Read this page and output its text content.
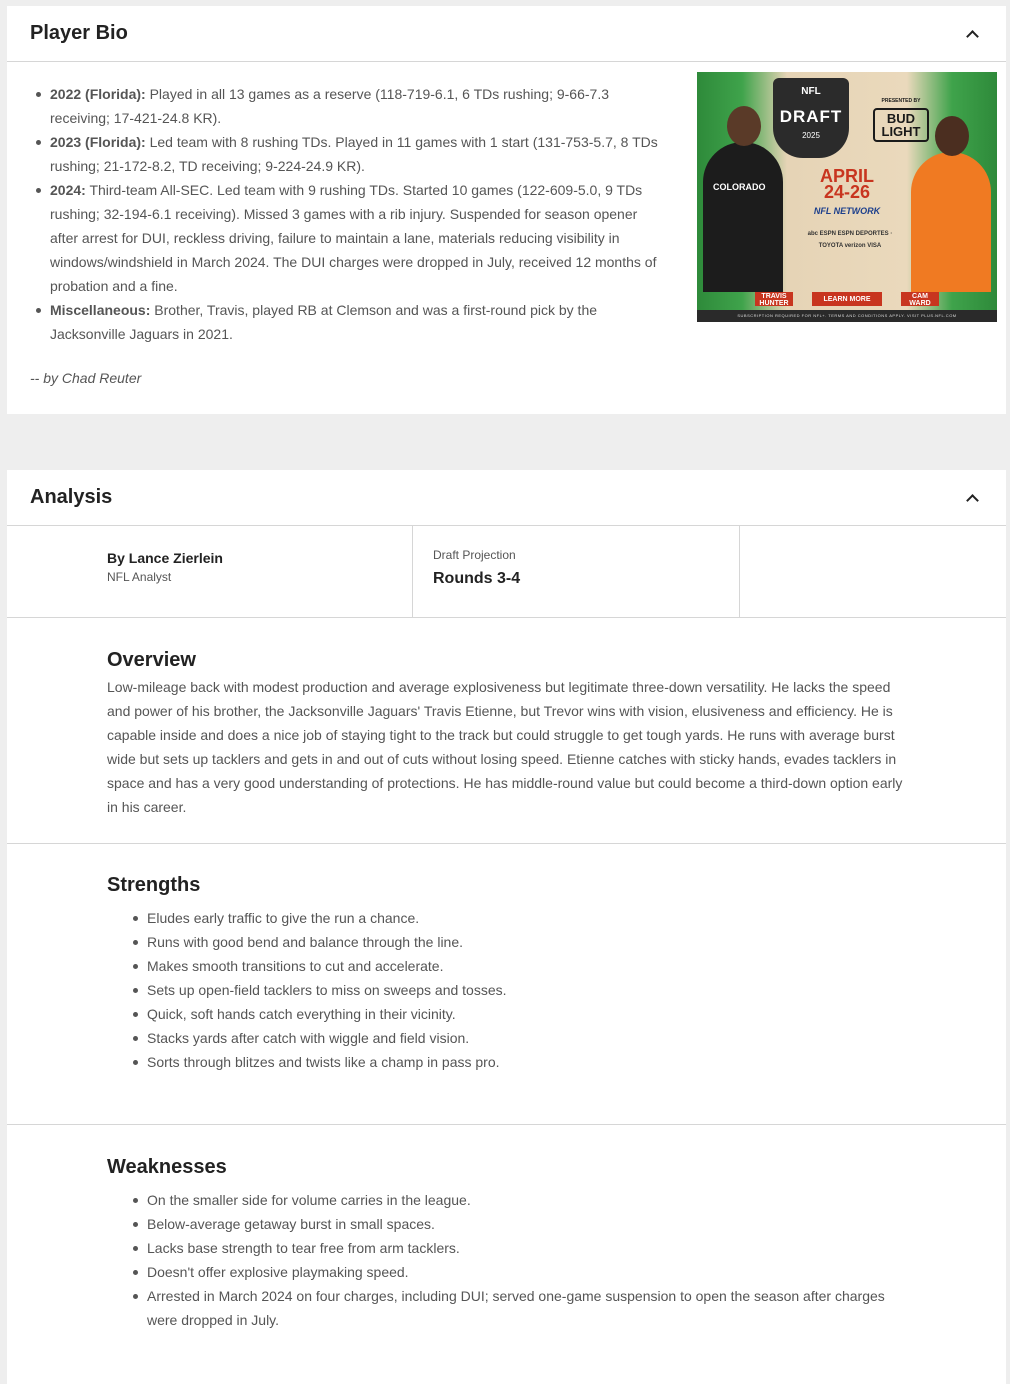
Player Bio
2022 (Florida): Played in all 13 games as a reserve (118-719-6.1, 6 TDs rushing; 9-66-7.3 receiving; 17-421-24.8 KR).
2023 (Florida): Led team with 8 rushing TDs. Played in 11 games with 1 start (131-753-5.7, 8 TDs rushing; 21-172-8.2, TD receiving; 9-224-24.9 KR).
2024: Third-team All-SEC. Led team with 9 rushing TDs. Started 10 games (122-609-5.0, 9 TDs rushing; 32-194-6.1 receiving). Missed 3 games with a rib injury. Suspended for season opener after arrest for DUI, reckless driving, failure to maintain a lane, materials reducing visibility in windows/windshield in March 2024. The DUI charges were dropped in July, received 12 months of probation and a fine.
Miscellaneous: Brother, Travis, played RB at Clemson and was a first-round pick by the Jacksonville Jaguars in 2021.

-- by Chad Reuter

NFL
DRAFT
2025
PRESENTED BY
BUD LIGHT
APRIL
24-26
NFL NETWORK
abc ESPN ESPN DEPORTES · TOYOTA verizon VISA
COLORADO
TRAVIS HUNTER
LEARN MORE	CAM WARD
SUBSCRIPTION REQUIRED FOR NFL+. TERMS AND CONDITIONS APPLY. VISIT PLUS.NFL.COM
Analysis
By Lance Zierlein
NFL Analyst
Draft Projection
Rounds 3-4
Overview

Low-mileage back with modest production and average explosiveness but legitimate three-down versatility. He lacks the speed and power of his brother, the Jacksonville Jaguars' Travis Etienne, but Trevor wins with vision, elusiveness and efficiency. He is capable inside and does a nice job of staying tight to the track but could struggle to get tough yards. He runs with average burst wide but sets up tacklers and gets in and out of cuts without losing speed. Etienne catches with sticky hands, evades tacklers in space and has a very good understanding of protections. He has middle-round value but could become a third-down option early in his career.

Strengths
Eludes early traffic to give the run a chance.
Runs with good bend and balance through the line.
Makes smooth transitions to cut and accelerate.
Sets up open-field tacklers to miss on sweeps and tosses.
Quick, soft hands catch everything in their vicinity.
Stacks yards after catch with wiggle and field vision.
Sorts through blitzes and twists like a champ in pass pro.
Weaknesses
On the smaller side for volume carries in the league.
Below-average getaway burst in small spaces.
Lacks base strength to tear free from arm tacklers.
Doesn't offer explosive playmaking speed.
Arrested in March 2024 on four charges, including DUI; served one-game suspension to open the season after charges were dropped in July.
